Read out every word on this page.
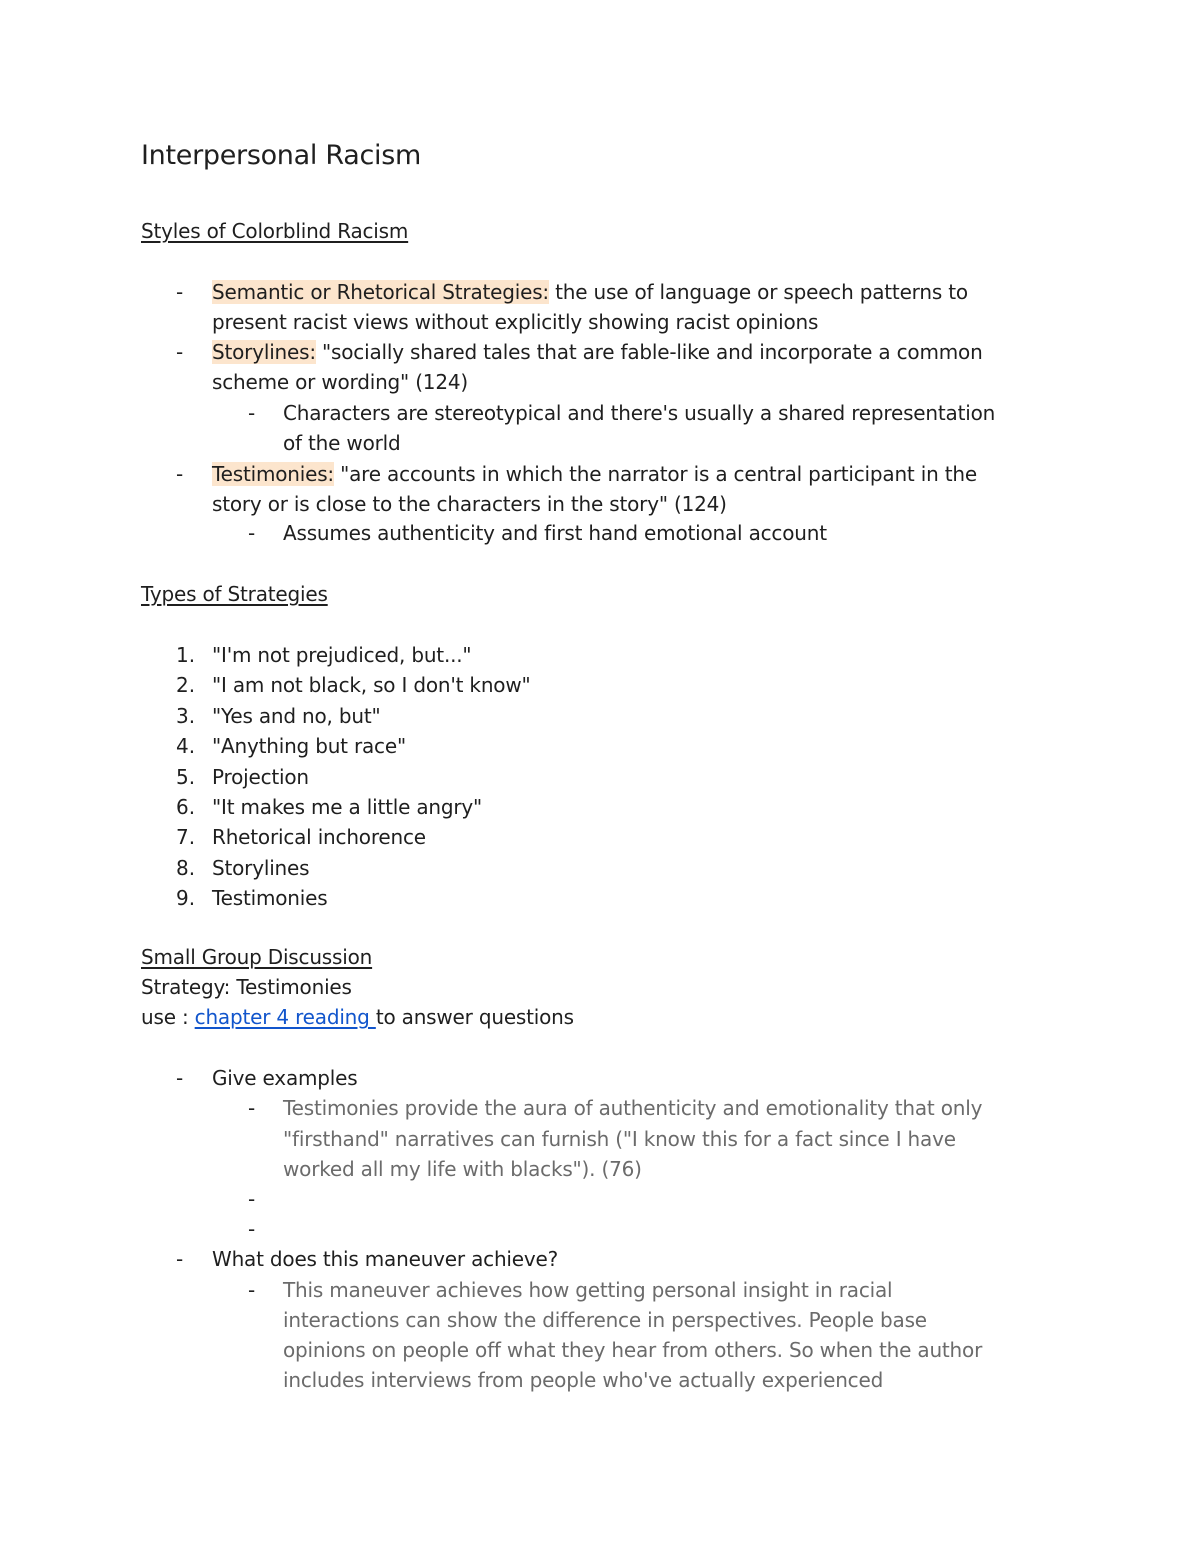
Interpersonal Racism
Styles of Colorblind Racism
- Semantic or Rhetorical Strategies: the use of language or speech patterns to
present racist views without explicitly showing racist opinions
- Storylines: "socially shared tales that are fable-like and incorporate a common
scheme or wording" (124)
- Characters are stereotypical and there's usually a shared representation
of the world
- Testimonies: "are accounts in which the narrator is a central participant in the
story or is close to the characters in the story" (124)
- Assumes authenticity and first hand emotional account
Types of Strategies
1. "I'm not prejudiced, but..."
2. "I am not black, so I don't know"
3. "Yes and no, but"
4. "Anything but race"
5. Projection
6. "It makes me a little angry"
7. Rhetorical inchorence
8. Storylines
9. Testimonies
Small Group Discussion
Strategy: Testimonies
use : chapter 4 reading to answer questions
- Give examples
- Testimonies provide the aura of authenticity and emotionality that only
"firsthand" narratives can furnish ("I know this for a fact since I have
worked all my life with blacks"). (76)
-
-
- What does this maneuver achieve?
- This maneuver achieves how getting personal insight in racial
interactions can show the difference in perspectives. People base
opinions on people off what they hear from others. So when the author
includes interviews from people who've actually experienced
